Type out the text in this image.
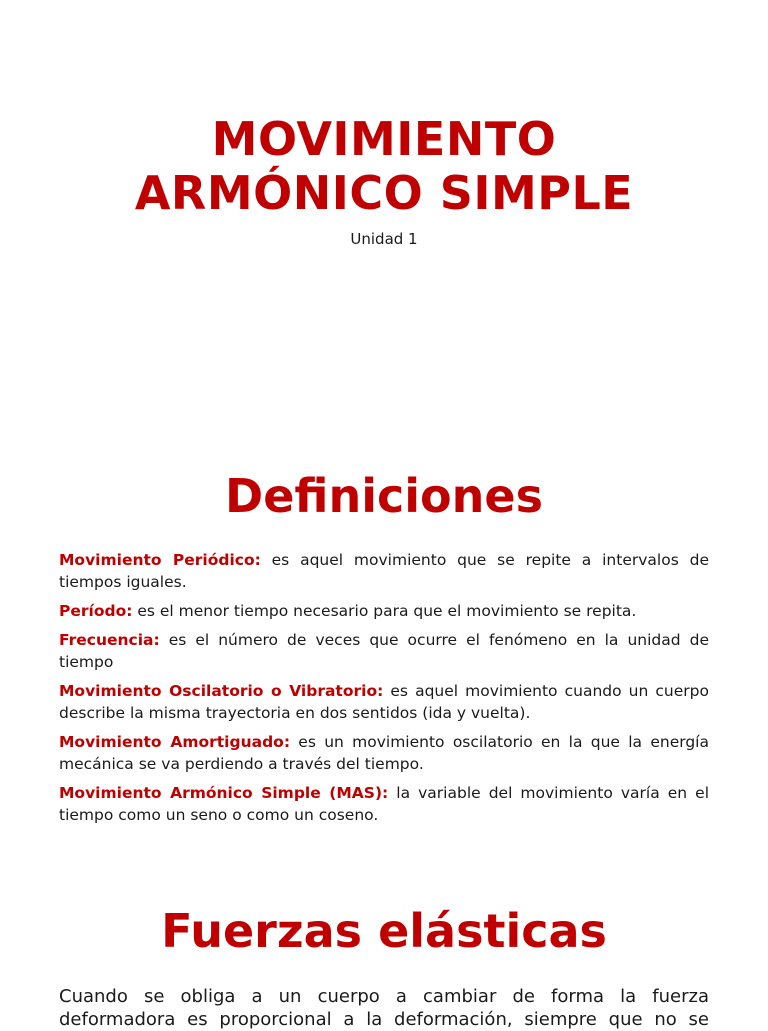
MOVIMIENTO
ARMÓNICO SIMPLE

Unidad 1

Definiciones
Movimiento Periódico: es aquel movimiento que se repite a intervalos de tiempos iguales.
Período: es el menor tiempo necesario para que el movimiento se repita.
Frecuencia: es el número de veces que ocurre el fenómeno en la unidad de tiempo
Movimiento Oscilatorio o Vibratorio: es aquel movimiento cuando un cuerpo describe la misma trayectoria en dos sentidos (ida y vuelta).
Movimiento Amortiguado: es un movimiento oscilatorio en la que la energía mecánica se va perdiendo a través del tiempo.
Movimiento Armónico Simple (MAS): la variable del movimiento varía en el tiempo como un seno o como un coseno.
Fuerzas elásticas

Cuando se obliga a un cuerpo a cambiar de forma la fuerza deformadora es proporcional a la deformación, siempre que no se
